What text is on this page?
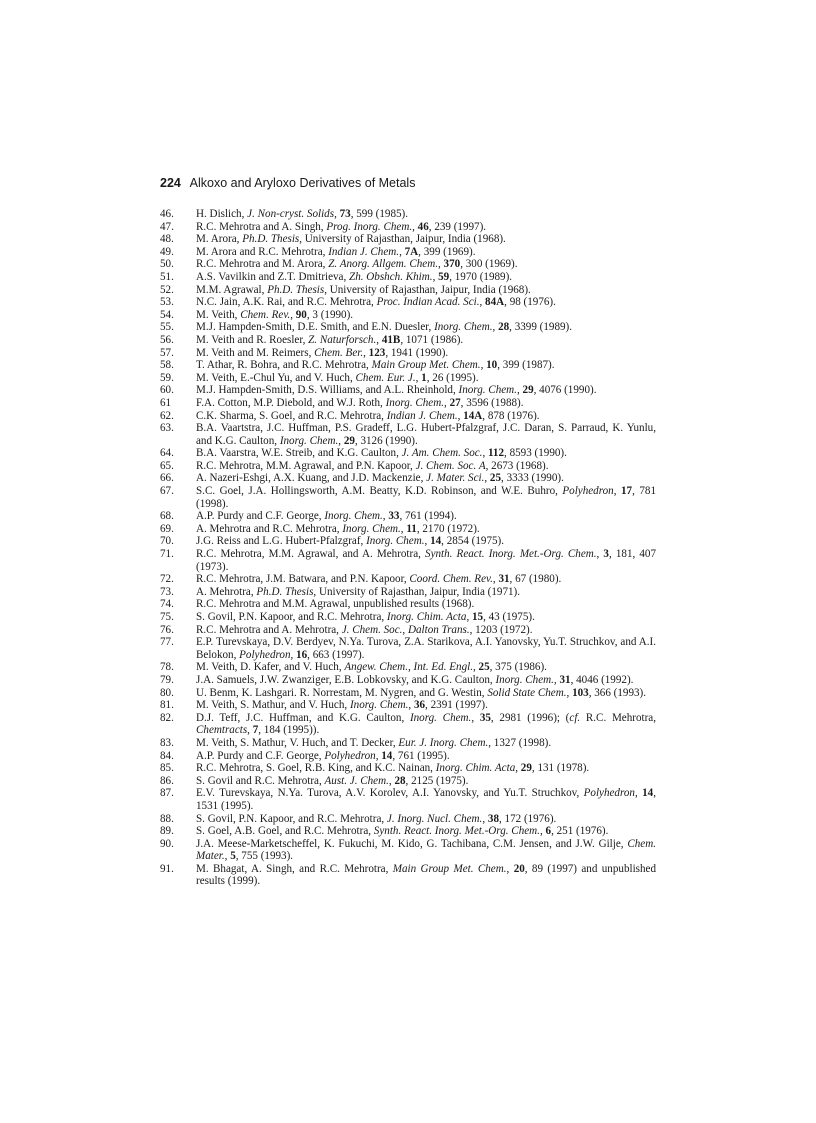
224 Alkoxo and Aryloxo Derivatives of Metals
46.	H. Dislich, J. Non-cryst. Solids, 73, 599 (1985).
47.	R.C. Mehrotra and A. Singh, Prog. Inorg. Chem., 46, 239 (1997).
48.	M. Arora, Ph.D. Thesis, University of Rajasthan, Jaipur, India (1968).
49.	M. Arora and R.C. Mehrotra, Indian J. Chem., 7A, 399 (1969).
50.	R.C. Mehrotra and M. Arora, Z. Anorg. Allgem. Chem., 370, 300 (1969).
51.	A.S. Vavilkin and Z.T. Dmitrieva, Zh. Obshch. Khim., 59, 1970 (1989).
52.	M.M. Agrawal, Ph.D. Thesis, University of Rajasthan, Jaipur, India (1968).
53.	N.C. Jain, A.K. Rai, and R.C. Mehrotra, Proc. Indian Acad. Sci., 84A, 98 (1976).
54.	M. Veith, Chem. Rev., 90, 3 (1990).
55.	M.J. Hampden-Smith, D.E. Smith, and E.N. Duesler, Inorg. Chem., 28, 3399 (1989).
56.	M. Veith and R. Roesler, Z. Naturforsch., 41B, 1071 (1986).
57.	M. Veith and M. Reimers, Chem. Ber., 123, 1941 (1990).
58.	T. Athar, R. Bohra, and R.C. Mehrotra, Main Group Met. Chem., 10, 399 (1987).
59.	M. Veith, E.-Chul Yu, and V. Huch, Chem. Eur. J., 1, 26 (1995).
60.	M.J. Hampden-Smith, D.S. Williams, and A.L. Rheinhold, Inorg. Chem., 29, 4076 (1990).
61	F.A. Cotton, M.P. Diebold, and W.J. Roth, Inorg. Chem., 27, 3596 (1988).
62.	C.K. Sharma, S. Goel, and R.C. Mehrotra, Indian J. Chem., 14A, 878 (1976).
63.	B.A. Vaartstra, J.C. Huffman, P.S. Gradeff, L.G. Hubert-Pfalzgraf, J.C. Daran, S. Parraud, K. Yunlu, and K.G. Caulton, Inorg. Chem., 29, 3126 (1990).
64.	B.A. Vaarstra, W.E. Streib, and K.G. Caulton, J. Am. Chem. Soc., 112, 8593 (1990).
65.	R.C. Mehrotra, M.M. Agrawal, and P.N. Kapoor, J. Chem. Soc. A, 2673 (1968).
66.	A. Nazeri-Eshgi, A.X. Kuang, and J.D. Mackenzie, J. Mater. Sci., 25, 3333 (1990).
67.	S.C. Goel, J.A. Hollingsworth, A.M. Beatty, K.D. Robinson, and W.E. Buhro, Polyhedron, 17, 781 (1998).
68.	A.P. Purdy and C.F. George, Inorg. Chem., 33, 761 (1994).
69.	A. Mehrotra and R.C. Mehrotra, Inorg. Chem., 11, 2170 (1972).
70.	J.G. Reiss and L.G. Hubert-Pfalzgraf, Inorg. Chem., 14, 2854 (1975).
71.	R.C. Mehrotra, M.M. Agrawal, and A. Mehrotra, Synth. React. Inorg. Met.-Org. Chem., 3, 181, 407 (1973).
72.	R.C. Mehrotra, J.M. Batwara, and P.N. Kapoor, Coord. Chem. Rev., 31, 67 (1980).
73.	A. Mehrotra, Ph.D. Thesis, University of Rajasthan, Jaipur, India (1971).
74.	R.C. Mehrotra and M.M. Agrawal, unpublished results (1968).
75.	S. Govil, P.N. Kapoor, and R.C. Mehrotra, Inorg. Chim. Acta, 15, 43 (1975).
76.	R.C. Mehrotra and A. Mehrotra, J. Chem. Soc., Dalton Trans., 1203 (1972).
77.	E.P. Turevskaya, D.V. Berdyev, N.Ya. Turova, Z.A. Starikova, A.I. Yanovsky, Yu.T. Struchkov, and A.I. Belokon, Polyhedron, 16, 663 (1997).
78.	M. Veith, D. Kafer, and V. Huch, Angew. Chem., Int. Ed. Engl., 25, 375 (1986).
79.	J.A. Samuels, J.W. Zwanziger, E.B. Lobkovsky, and K.G. Caulton, Inorg. Chem., 31, 4046 (1992).
80.	U. Benm, K. Lashgari. R. Norrestam, M. Nygren, and G. Westin, Solid State Chem., 103, 366 (1993).
81.	M. Veith, S. Mathur, and V. Huch, Inorg. Chem., 36, 2391 (1997).
82.	D.J. Teff, J.C. Huffman, and K.G. Caulton, Inorg. Chem., 35, 2981 (1996); (cf. R.C. Mehrotra, Chemtracts, 7, 184 (1995)).
83.	M. Veith, S. Mathur, V. Huch, and T. Decker, Eur. J. Inorg. Chem., 1327 (1998).
84.	A.P. Purdy and C.F. George, Polyhedron, 14, 761 (1995).
85.	R.C. Mehrotra, S. Goel, R.B. King, and K.C. Nainan, Inorg. Chim. Acta, 29, 131 (1978).
86.	S. Govil and R.C. Mehrotra, Aust. J. Chem., 28, 2125 (1975).
87.	E.V. Turevskaya, N.Ya. Turova, A.V. Korolev, A.I. Yanovsky, and Yu.T. Struchkov, Polyhedron, 14, 1531 (1995).
88.	S. Govil, P.N. Kapoor, and R.C. Mehrotra, J. Inorg. Nucl. Chem., 38, 172 (1976).
89.	S. Goel, A.B. Goel, and R.C. Mehrotra, Synth. React. Inorg. Met.-Org. Chem., 6, 251 (1976).
90.	J.A. Meese-Marketscheffel, K. Fukuchi, M. Kido, G. Tachibana, C.M. Jensen, and J.W. Gilje, Chem. Mater., 5, 755 (1993).
91.	M. Bhagat, A. Singh, and R.C. Mehrotra, Main Group Met. Chem., 20, 89 (1997) and unpublished results (1999).
